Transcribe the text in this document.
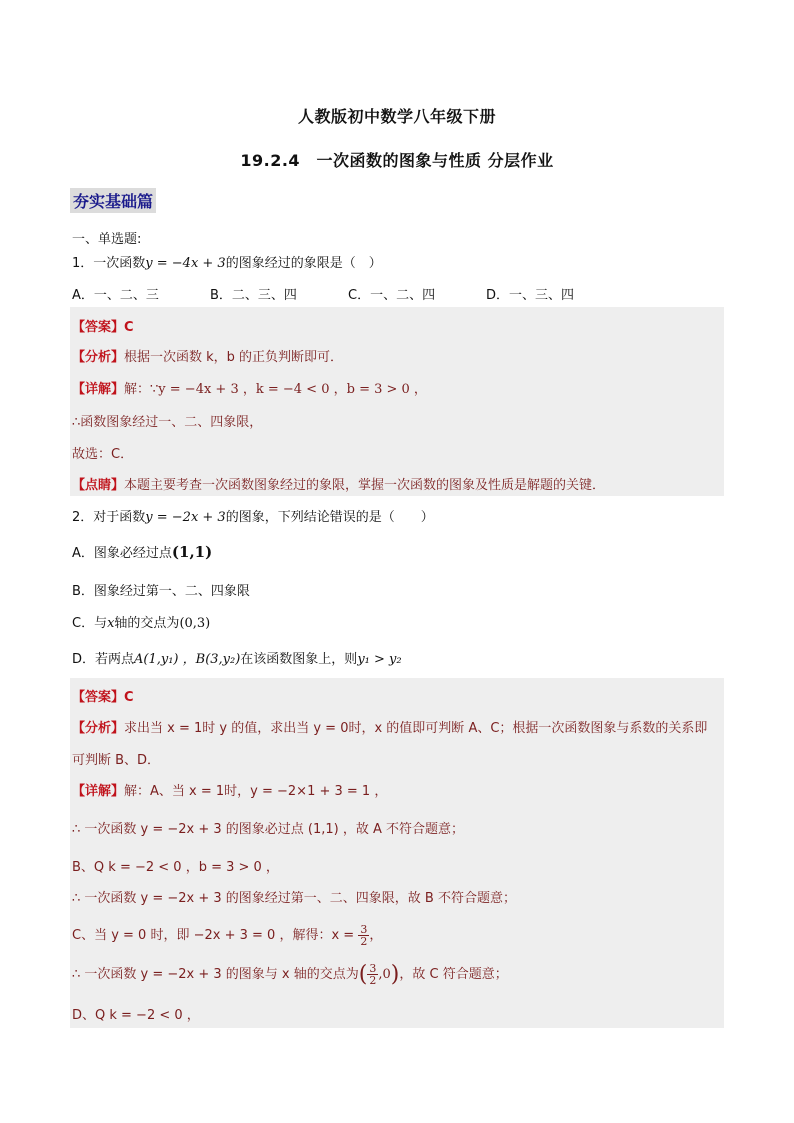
人教版初中数学八年级下册
19.2.4　一次函数的图象与性质 分层作业
夯实基础篇
一、单选题:
1．一次函数y = −4x + 3的图象经过的象限是（　）
A．一、二、三	B．二、三、四	C．一、二、四	D．一、三、四
【答案】C
【分析】根据一次函数 k，b 的正负判断即可．
【详解】解：∵y = −4x + 3 ，k = −4 < 0 ，b = 3 > 0 ，
∴函数图象经过一、二、四象限，
故选：C．
【点睛】本题主要考查一次函数图象经过的象限，掌握一次函数的图象及性质是解题的关键．
2．对于函数y = −2x + 3的图象，下列结论错误的是（　　）
A．图象必经过点(1,1)
B．图象经过第一、二、四象限
C．与x轴的交点为(0,3)
D．若两点A(1,y₁) ，B(3,y₂)在该函数图象上，则y₁ > y₂
【答案】C
【分析】求出当 x = 1时 y 的值，求出当 y = 0时，x 的值即可判断 A、C；根据一次函数图象与系数的关系即
可判断 B、D．
【详解】解：A、当 x = 1时，y = −2×1 + 3 = 1 ，
∴ 一次函数 y = −2x + 3 的图象必过点 (1,1) ，故 A 不符合题意；
B、Q k = −2 < 0 ，b = 3 > 0 ，
∴ 一次函数 y = −2x + 3 的图象经过第一、二、四象限，故 B 不符合题意；
C、当 y = 0 时，即 −2x + 3 = 0 ，解得：$x = \frac{3}{2}$ ，
∴ 一次函数 y = −2x + 3 的图象与 x 轴的交点为( $\frac{3}{2} ,0$)，故 C 符合题意；
D、Q k = −2 < 0 ，
